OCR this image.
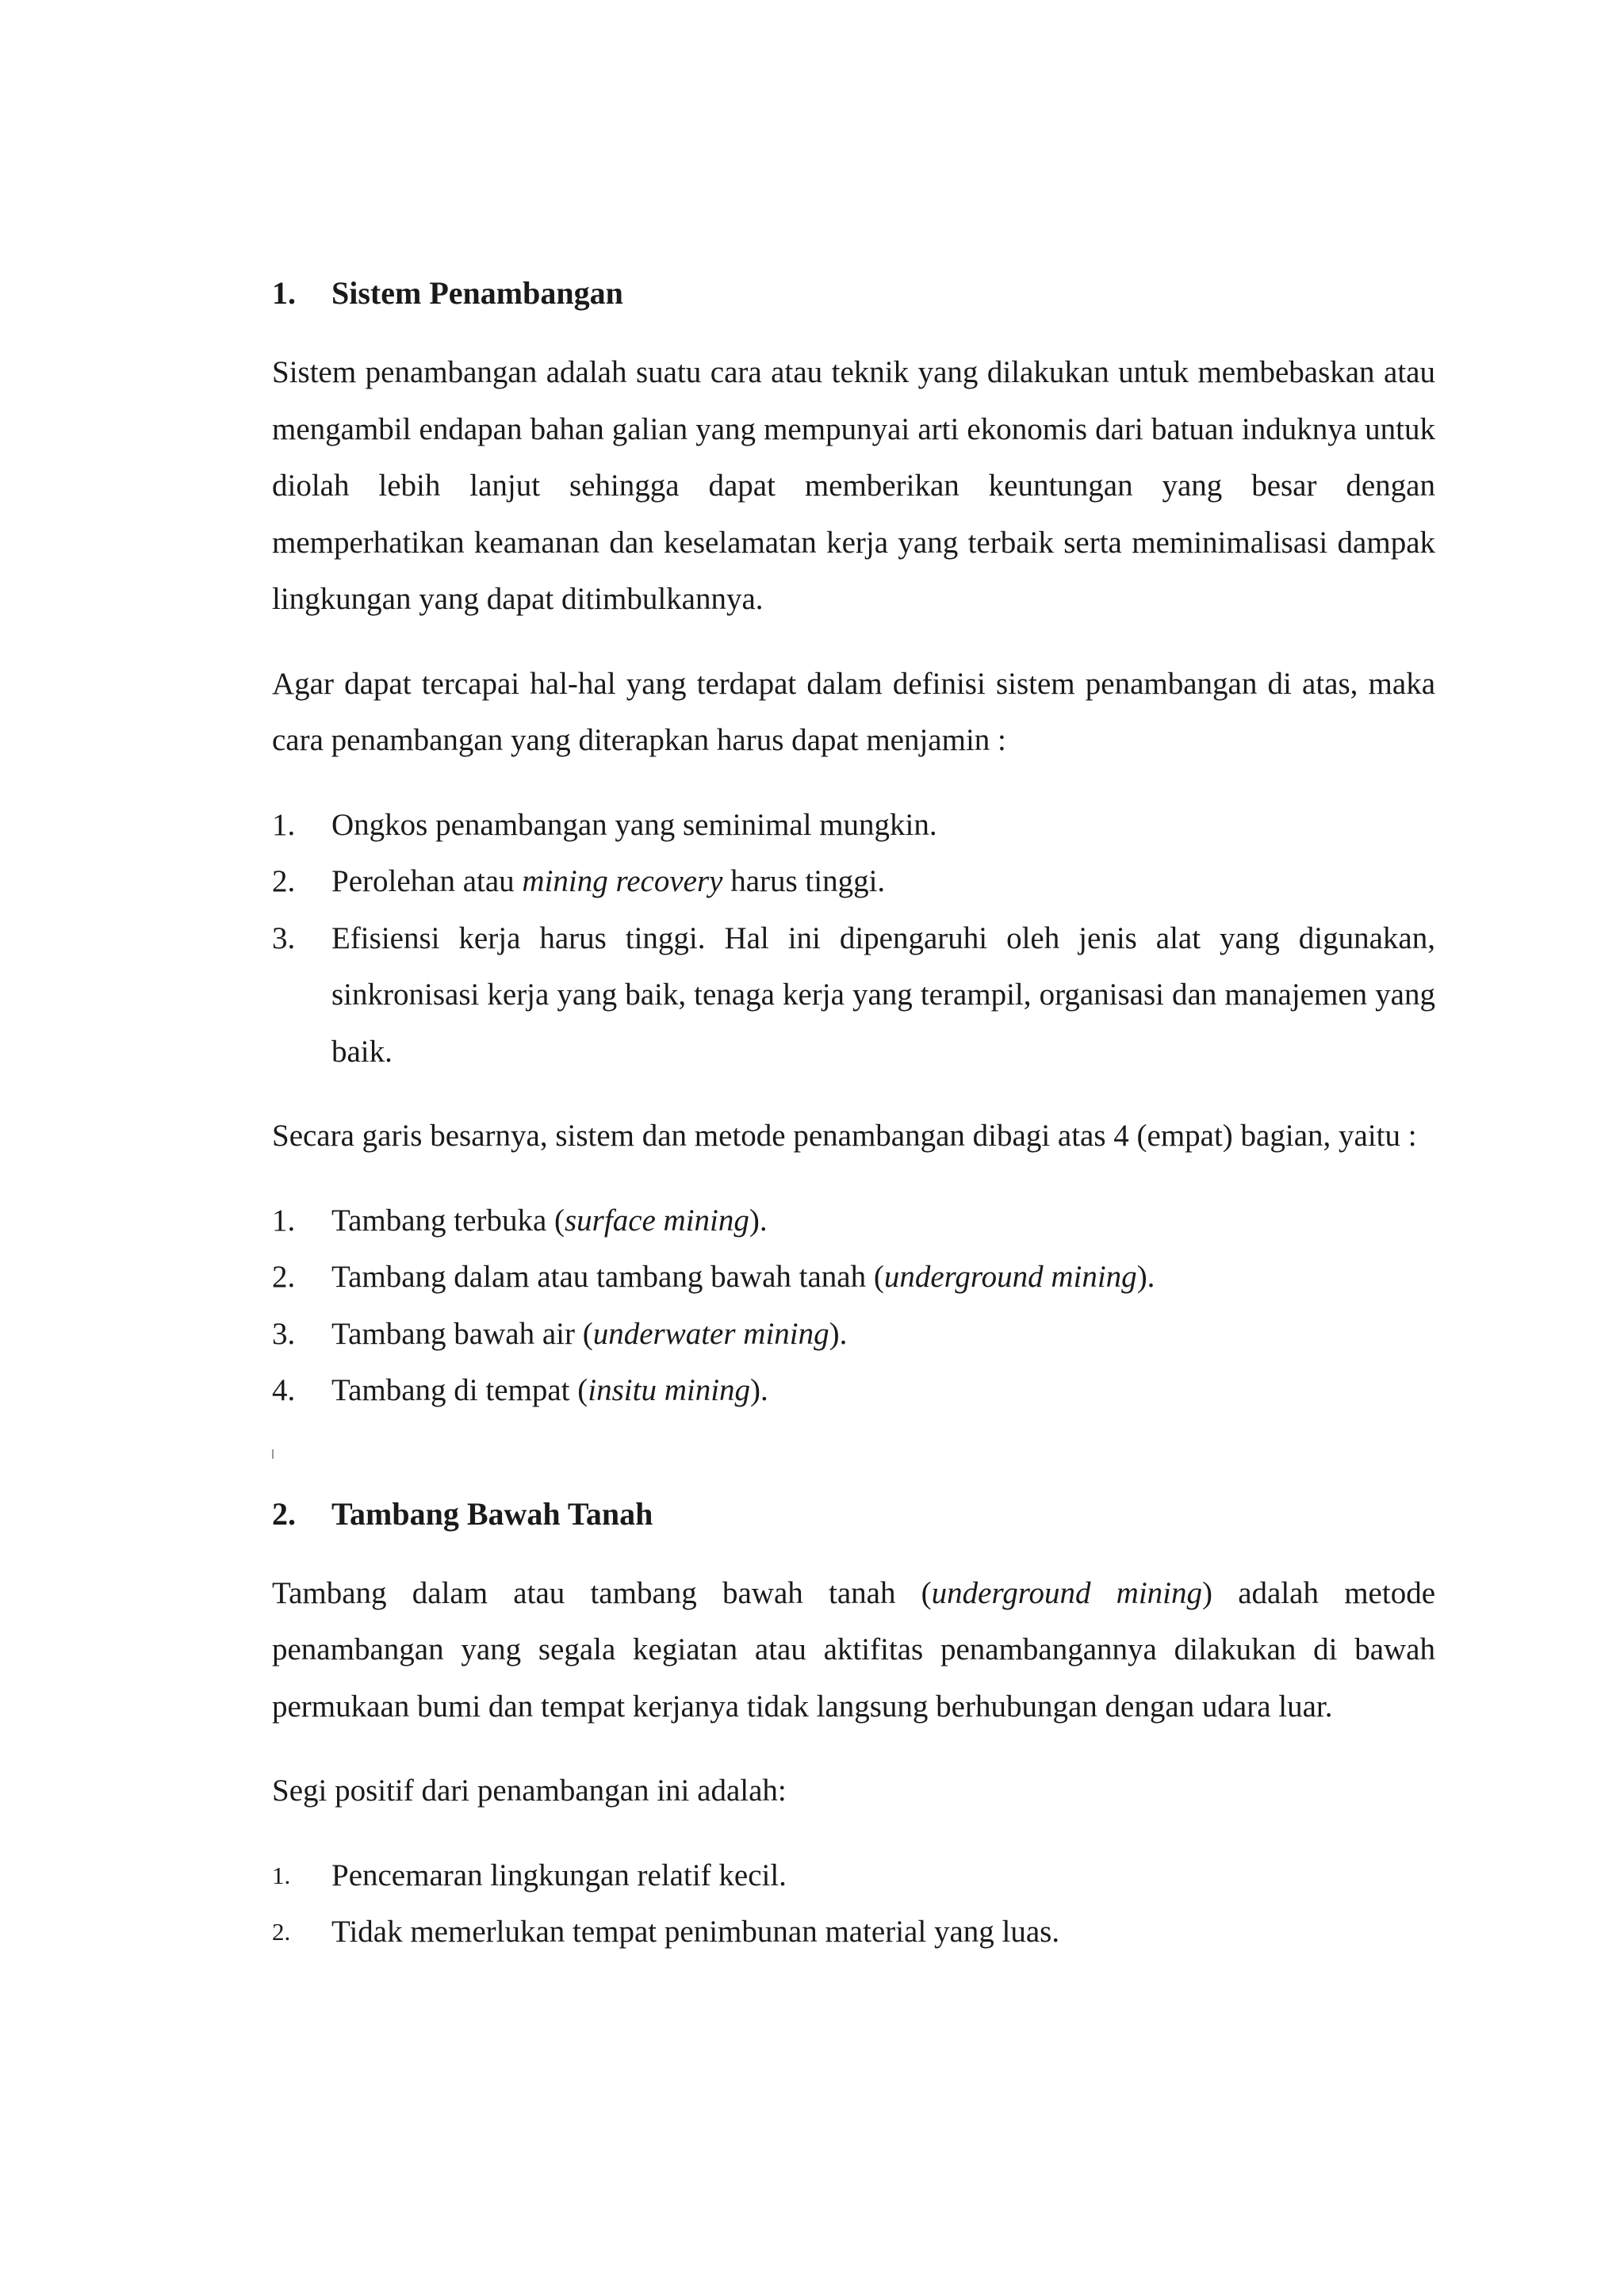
1.	Sistem Penambangan

Sistem penambangan adalah suatu cara atau teknik yang dilakukan untuk membebaskan atau mengambil endapan bahan galian yang mempunyai arti ekonomis dari batuan induknya untuk diolah lebih lanjut sehingga dapat memberikan keuntungan yang besar dengan memperhatikan keamanan dan keselamatan kerja yang terbaik serta meminimalisasi dampak lingkungan yang dapat ditimbulkannya.

Agar dapat tercapai hal-hal yang terdapat dalam definisi sistem penambangan di atas, maka cara penambangan yang diterapkan harus dapat menjamin :

1.	Ongkos penambangan yang seminimal mungkin.
2.	Perolehan atau mining recovery harus tinggi.
3.	Efisiensi kerja harus tinggi. Hal ini dipengaruhi oleh jenis alat yang digunakan, sinkronisasi kerja yang baik, tenaga kerja yang terampil, organisasi dan manajemen yang baik.

Secara garis besarnya, sistem dan metode penambangan dibagi atas 4 (empat) bagian, yaitu :

1.	Tambang terbuka (surface mining).
2.	Tambang dalam atau tambang bawah tanah (underground mining).
3.	Tambang bawah air (underwater mining).
4.	Tambang di tempat (insitu mining).
2.	Tambang Bawah Tanah

Tambang dalam atau tambang bawah tanah (underground mining) adalah metode penambangan yang segala kegiatan atau aktifitas penambangannya dilakukan di bawah permukaan bumi dan tempat kerjanya tidak langsung berhubungan dengan udara luar.

Segi positif dari penambangan ini adalah:

1.	Pencemaran lingkungan relatif kecil.
2.	Tidak memerlukan tempat penimbunan material yang luas.
